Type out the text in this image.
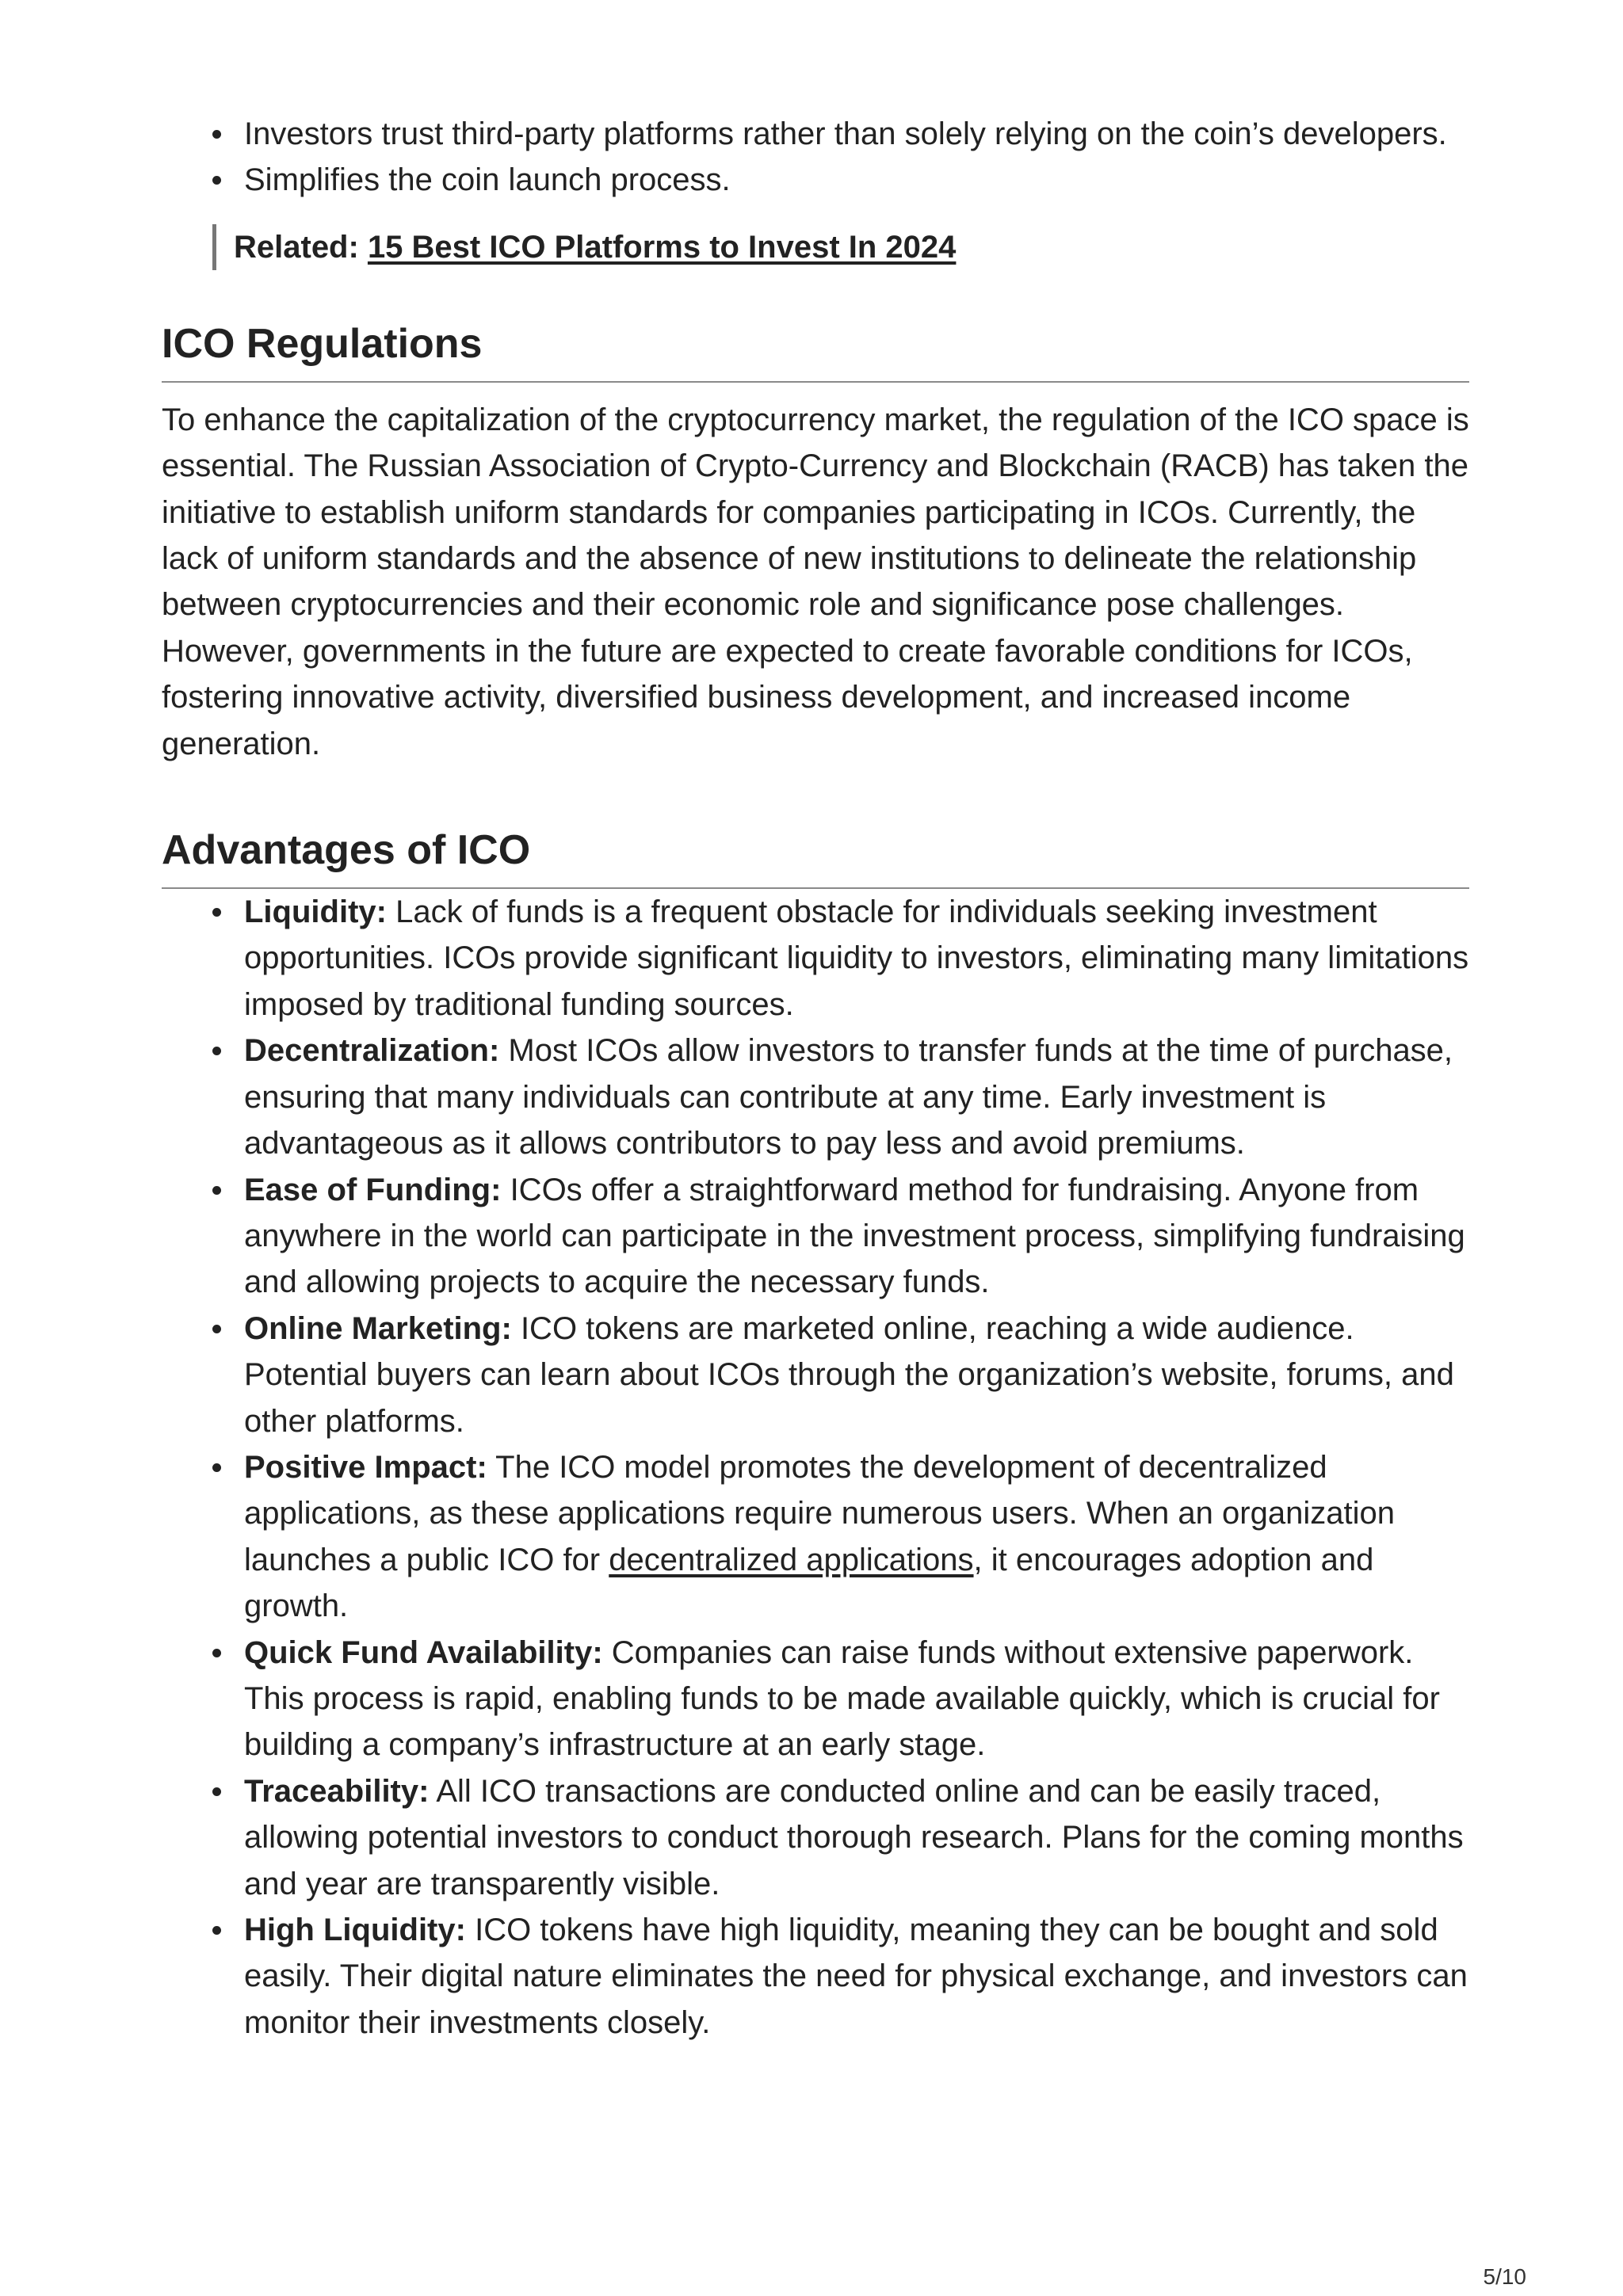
Investors trust third-party platforms rather than solely relying on the coin’s developers.
Simplifies the coin launch process.
Related: 15 Best ICO Platforms to Invest In 2024
ICO Regulations

To enhance the capitalization of the cryptocurrency market, the regulation of the ICO space is essential. The Russian Association of Crypto-Currency and Blockchain (RACB) has taken the initiative to establish uniform standards for companies participating in ICOs. Currently, the lack of uniform standards and the absence of new institutions to delineate the relationship between cryptocurrencies and their economic role and significance pose challenges. However, governments in the future are expected to create favorable conditions for ICOs, fostering innovative activity, diversified business development, and increased income generation.

Advantages of ICO
Liquidity: Lack of funds is a frequent obstacle for individuals seeking investment opportunities. ICOs provide significant liquidity to investors, eliminating many limitations imposed by traditional funding sources.
Decentralization: Most ICOs allow investors to transfer funds at the time of purchase, ensuring that many individuals can contribute at any time. Early investment is advantageous as it allows contributors to pay less and avoid premiums.
Ease of Funding: ICOs offer a straightforward method for fundraising. Anyone from anywhere in the world can participate in the investment process, simplifying fundraising and allowing projects to acquire the necessary funds.
Online Marketing: ICO tokens are marketed online, reaching a wide audience. Potential buyers can learn about ICOs through the organization’s website, forums, and other platforms.
Positive Impact: The ICO model promotes the development of decentralized applications, as these applications require numerous users. When an organization launches a public ICO for decentralized applications, it encourages adoption and growth.
Quick Fund Availability: Companies can raise funds without extensive paperwork. This process is rapid, enabling funds to be made available quickly, which is crucial for building a company’s infrastructure at an early stage.
Traceability: All ICO transactions are conducted online and can be easily traced, allowing potential investors to conduct thorough research. Plans for the coming months and year are transparently visible.
High Liquidity: ICO tokens have high liquidity, meaning they can be bought and sold easily. Their digital nature eliminates the need for physical exchange, and investors can monitor their investments closely.
5/10
